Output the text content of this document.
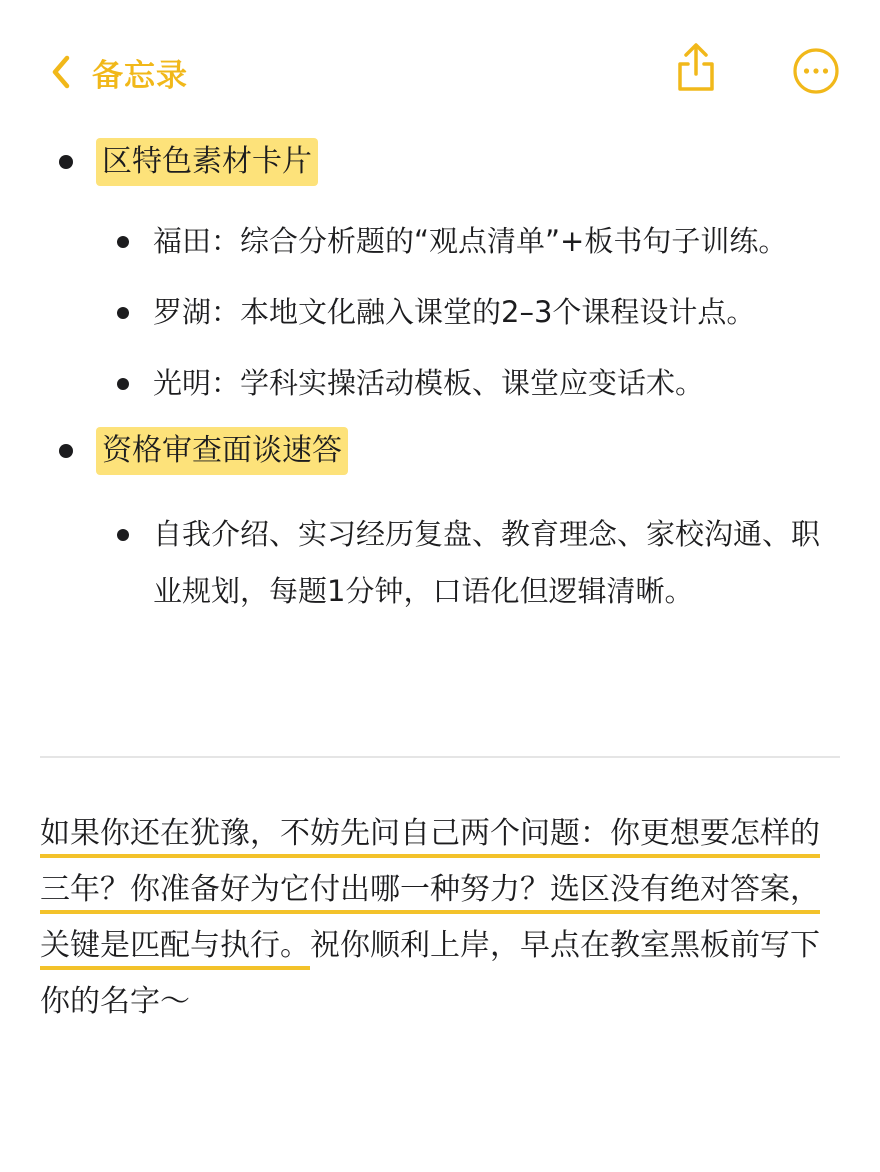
备忘录
区特色素材卡片
福田：综合分析题的“观点清单”+板书句子训练。
罗湖：本地文化融入课堂的2–3个课程设计点。
光明：学科实操活动模板、课堂应变话术。
资格审查面谈速答
自我介绍、实习经历复盘、教育理念、家校沟通、职业规划，每题1分钟，口语化但逻辑清晰。
如果你还在犹豫，不妨先问自己两个问题：你更想要怎样的三年？你准备好为它付出哪一种努力？选区没有绝对答案，关键是匹配与执行。祝你顺利上岸，早点在教室黑板前写下你的名字～
